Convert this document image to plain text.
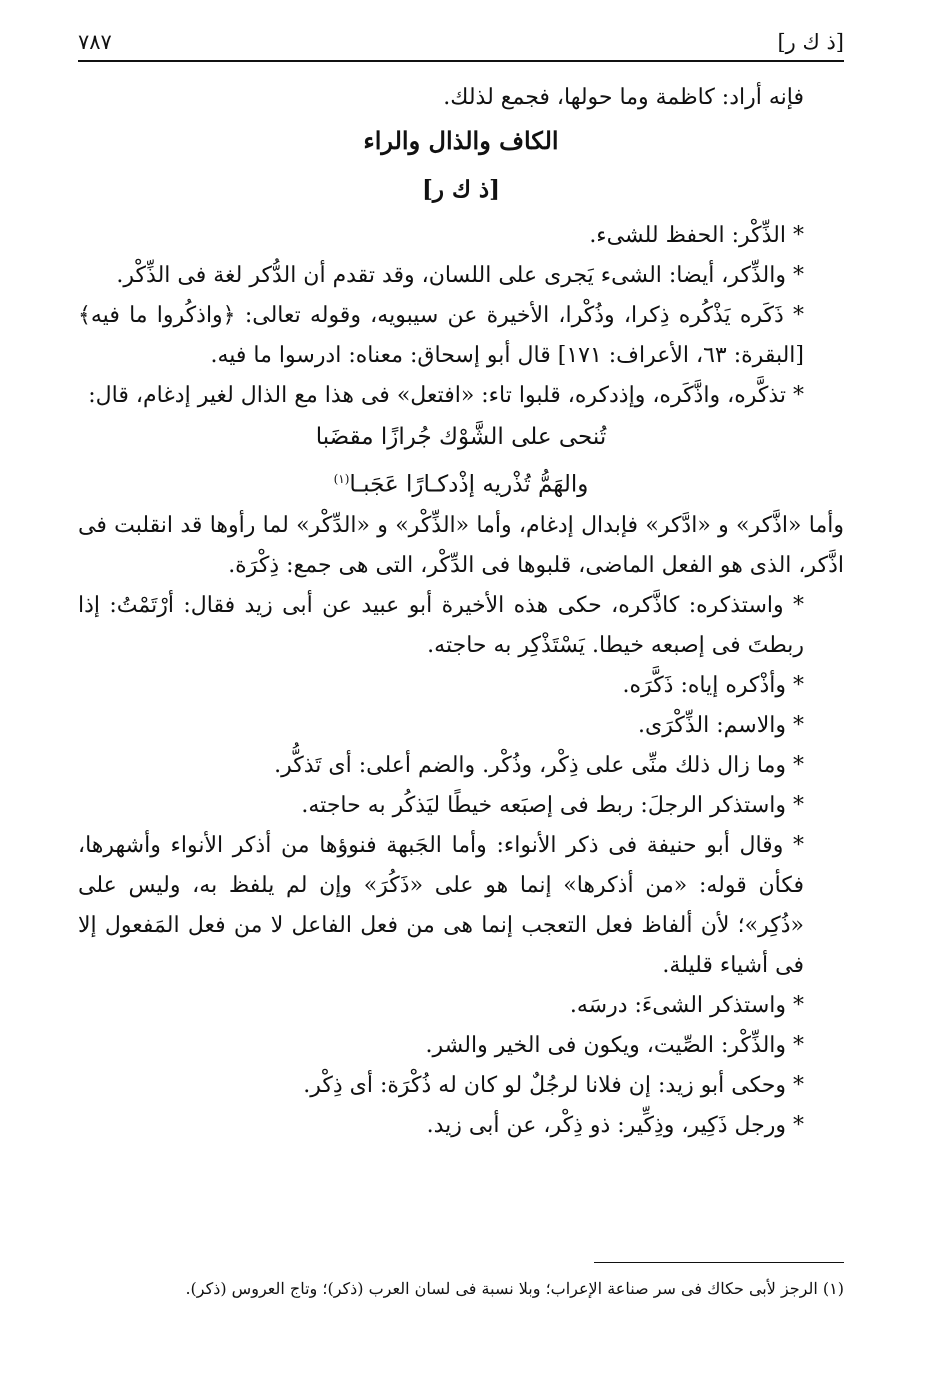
[ذ ك ر]
٧٨٧

فإنه أراد: كاظمة وما حولها، فجمع لذلك.

الكاف والذال والراء

[ذ ك ر]

* الذِّكْر: الحفظ للشىء.

* والذِّكر، أيضا: الشىء يَجرى على اللسان، وقد تقدم أن الدُّكر لغة فى الذِّكْر.

* ذَكَره يَذْكُره ذِكرا، وذُكْرا، الأخيرة عن سيبويه، وقوله تعالى: ﴿واذكُروا ما فيه﴾ [البقرة: ٦٣، الأعراف: ١٧١] قال أبو إسحاق: معناه: ادرسوا ما فيه.

* تذكَّره، واذَّكَره، وإذدكره، قلبوا تاء: «افتعل» فى هذا مع الذال لغير إدغام، قال:

تُنحى على الشَّوْك جُرازًا مقضَبا

والهَمُّ تُذْريه إذْدكـارًا عَجَبـا$^{(١)}$

وأما «اذَّكر» و «ادَّكر» فإبدال إدغام، وأما «الذِّكْر» و «الدِّكْر» لما رأوها قد انقلبت فى اذَّكر، الذى هو الفعل الماضى، قلبوها فى الدِّكْر، التى هى جمع: ذِكْرَة.

* واستذكره: كاذَّكره، حكى هذه الأخيرة أبو عبيد عن أبى زيد فقال: أرْتَمْتُ: إذا ربطتَ فى إصبعه خيطا. يَسْتَذْكِر به حاجته.

* وأذْكره إياه: ذَكَّرَه.

* والاسم: الذِّكْرَى.

* وما زال ذلك منِّى على ذِكْر، وذُكْر. والضم أعلى: أى تَذكُّر.

* واستذكر الرجلَ: ربط فى إصبَعه خيطًا ليَذكُر به حاجته.

* وقال أبو حنيفة فى ذكر الأنواء: وأما الجَبهة فنوؤها من أذكر الأنواء وأشهرها، فكأن قوله: «من أذكرها» إنما هو على «ذَكُرَ» وإن لم يلفظ به، وليس على «ذُكِر»؛ لأن ألفاظ فعل التعجب إنما هى من فعل الفاعل لا من فعل المَفعول إلا فى أشياء قليلة.

* واستذكر الشىءَ: درسَه.

* والذِّكْر: الصِّيت، ويكون فى الخير والشر.

* وحكى أبو زيد: إن فلانا لرجُلٌ لو كان له ذُكْرَة: أى ذِكْر.

* ورجل ذَكِير، وذِكِّير: ذو ذِكْر، عن أبى زيد.

(١) الرجز لأبى حكاك فى سر صناعة الإعراب؛ وبلا نسبة فى لسان العرب (ذكر)؛ وتاج العروس (ذكر).
